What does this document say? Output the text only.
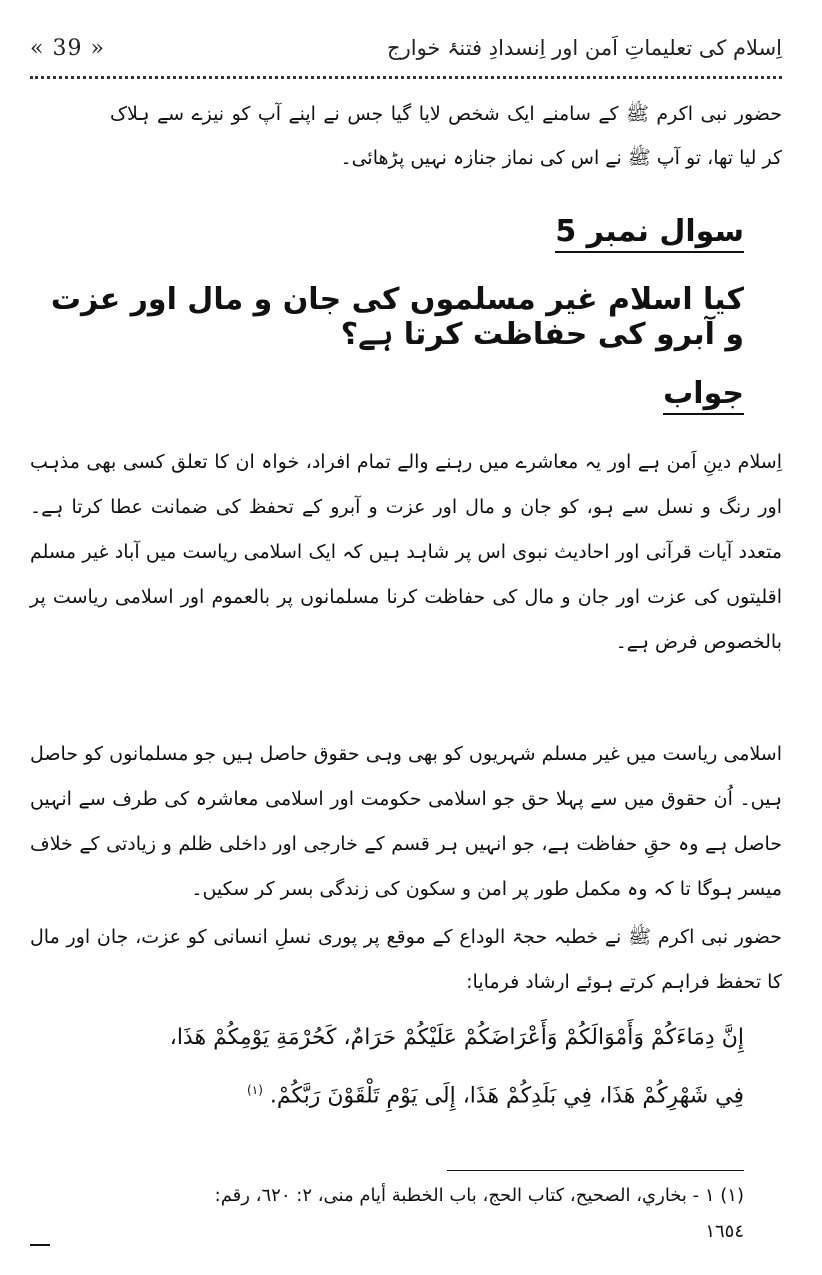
« 39 »	اِسلام کی تعلیماتِ اَمن اور اِنسدادِ فتنۂ خوارج
حضور نبی اکرم ﷺ کے سامنے ایک شخص لایا گیا جس نے اپنے آپ کو نیزے سے ہلاک کر لیا تھا، تو آپ ﷺ نے اس کی نماز جنازہ نہیں پڑھائی۔
سوال نمبر 5
کیا اسلام غیر مسلموں کی جان و مال اور عزت و آبرو کی حفاظت کرتا ہے؟
جواب
اِسلام دینِ اَمن ہے اور یہ معاشرے میں رہنے والے تمام افراد، خواہ ان کا تعلق کسی بھی مذہب اور رنگ و نسل سے ہو، کو جان و مال اور عزت و آبرو کے تحفظ کی ضمانت عطا کرتا ہے۔ متعدد آیات قرآنی اور احادیث نبوی اس پر شاہد ہیں کہ ایک اسلامی ریاست میں آباد غیر مسلم اقلیتوں کی عزت اور جان و مال کی حفاظت کرنا مسلمانوں پر بالعموم اور اسلامی ریاست پر بالخصوص فرض ہے۔
اسلامی ریاست میں غیر مسلم شہریوں کو بھی وہی حقوق حاصل ہیں جو مسلمانوں کو حاصل ہیں۔ اُن حقوق میں سے پہلا حق جو اسلامی حکومت اور اسلامی معاشرہ کی طرف سے انہیں حاصل ہے وہ حقِ حفاظت ہے، جو انہیں ہر قسم کے خارجی اور داخلی ظلم و زیادتی کے خلاف میسر ہوگا تا کہ وہ مکمل طور پر امن و سکون کی زندگی بسر کر سکیں۔
حضور نبی اکرم ﷺ نے خطبہ حجۃ الوداع کے موقع پر پوری نسلِ انسانی کو عزت، جان اور مال کا تحفظ فراہم کرتے ہوئے ارشاد فرمایا:
إِنَّ دِمَاءَكُمْ وَأَمْوَالَكُمْ وَأَعْرَاضَكُمْ عَلَيْكُمْ حَرَامٌ، كَحُرْمَةِ يَوْمِكُمْ هَذَا،
فِي شَهْرِكُمْ هَذَا، فِي بَلَدِكُمْ هَذَا، إِلَى يَوْمِ تَلْقَوْنَ رَبَّكُمْ. $^{(١)}$
(١) ١ - بخاري، الصحيح، كتاب الحج، باب الخطبة أيام منى، ٢: ٦٢٠، رقم:
١٦٥٤
